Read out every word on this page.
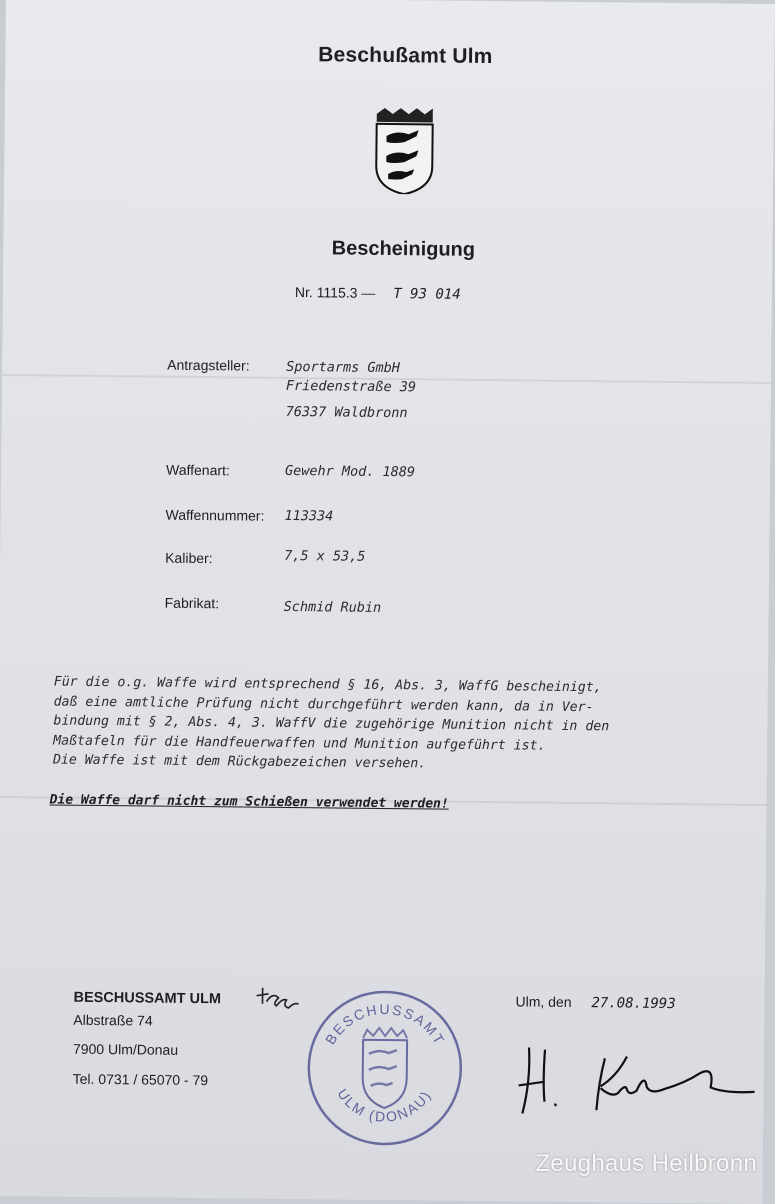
Beschußamt Ulm
Bescheinigung
Nr. 1115.3 — T 93 014
Antragsteller:	Sportarms GmbH
Friedenstraße 39
76337 Waldbronn
Waffenart:	Gewehr Mod. 1889
Waffennummer: 113334
Kaliber:	7,5 x 53,5
Fabrikat:	Schmid Rubin
Für die o.g. Waffe wird entsprechend § 16, Abs. 3, WaffG bescheinigt,
daß eine amtliche Prüfung nicht durchgeführt werden kann, da in Ver-
bindung mit § 2, Abs. 4, 3. WaffV die zugehörige Munition nicht in den
Maßtafeln für die Handfeuerwaffen und Munition aufgeführt ist.
Die Waffe ist mit dem Rückgabezeichen versehen.
Die Waffe darf nicht zum Schießen verwendet werden!
BESCHUSSAMT ULM
Albstraße 74
7900 Ulm/Donau
Tel. 0731 / 65070 - 79
Ulm, den 27.08.1993
BESCHUSSAMT
ULM (DONAU)
Zeughaus Heilbronn
